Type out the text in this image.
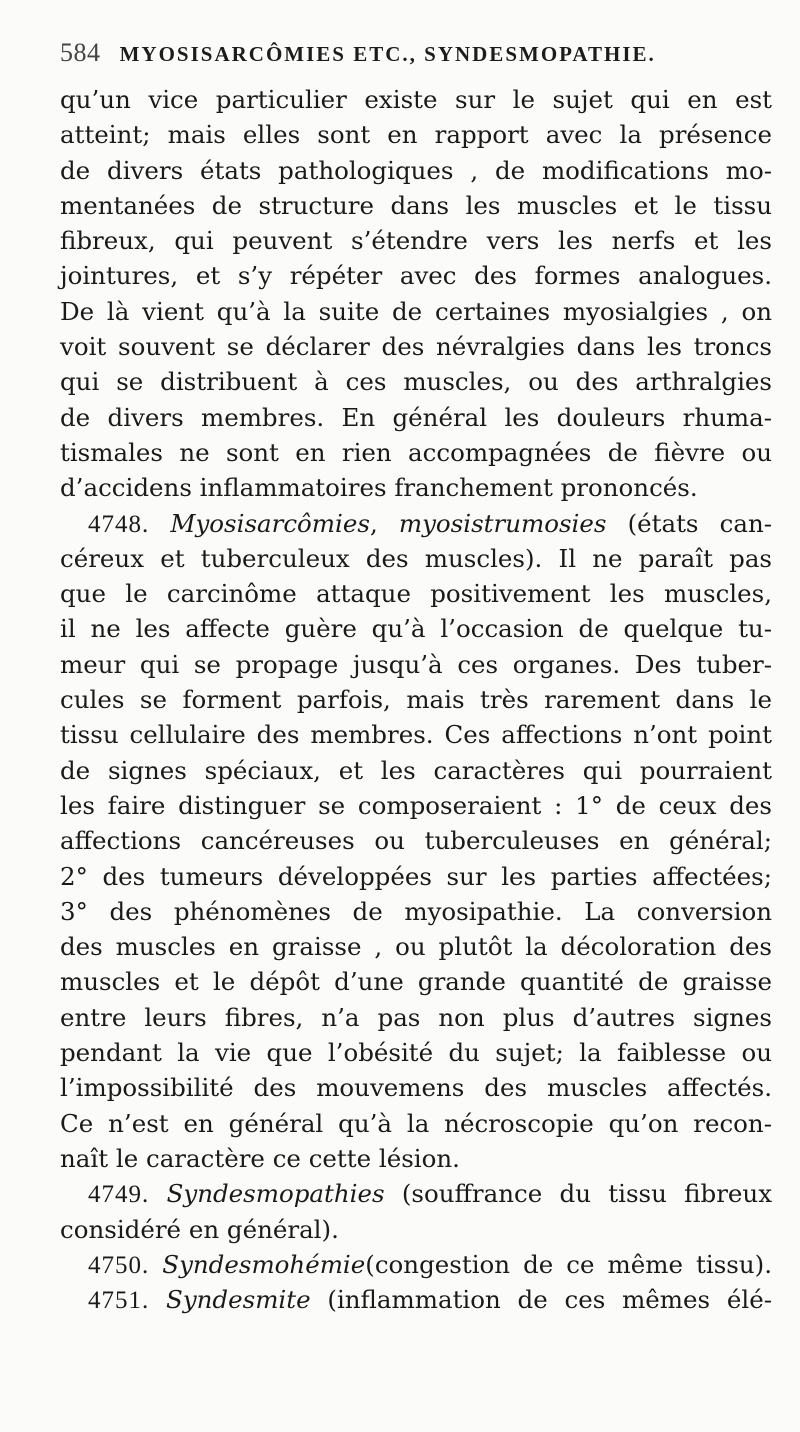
584 MYOSISARCÔMIES ETC., SYNDESMOPATHIE.
qu’un vice particulier existe sur le sujet qui en est
atteint; mais elles sont en rapport avec la présence
de divers états pathologiques , de modifications mo-
mentanées de structure dans les muscles et le tissu
fibreux, qui peuvent s’étendre vers les nerfs et les
jointures, et s’y répéter avec des formes analogues.
De là vient qu’à la suite de certaines myosialgies , on
voit souvent se déclarer des névralgies dans les troncs
qui se distribuent à ces muscles, ou des arthralgies
de divers membres. En général les douleurs rhuma-
tismales ne sont en rien accompagnées de fièvre ou
d’accidens inflammatoires franchement prononcés.
4748. Myosisarcômies, myosistrumosies (états can-
céreux et tuberculeux des muscles). Il ne paraît pas
que le carcinôme attaque positivement les muscles,
il ne les affecte guère qu’à l’occasion de quelque tu-
meur qui se propage jusqu’à ces organes. Des tuber-
cules se forment parfois, mais très rarement dans le
tissu cellulaire des membres. Ces affections n’ont point
de signes spéciaux, et les caractères qui pourraient
les faire distinguer se composeraient : 1° de ceux des
affections cancéreuses ou tuberculeuses en général;
2° des tumeurs développées sur les parties affectées;
3° des phénomènes de myosipathie. La conversion
des muscles en graisse , ou plutôt la décoloration des
muscles et le dépôt d’une grande quantité de graisse
entre leurs fibres, n’a pas non plus d’autres signes
pendant la vie que l’obésité du sujet; la faiblesse ou
l’impossibilité des mouvemens des muscles affectés.
Ce n’est en général qu’à la nécroscopie qu’on recon-
naît le caractère ce cette lésion.
4749. Syndesmopathies (souffrance du tissu fibreux
considéré en général).
4750. Syndesmohémie(congestion de ce même tissu).
4751. Syndesmite (inflammation de ces mêmes élé-
